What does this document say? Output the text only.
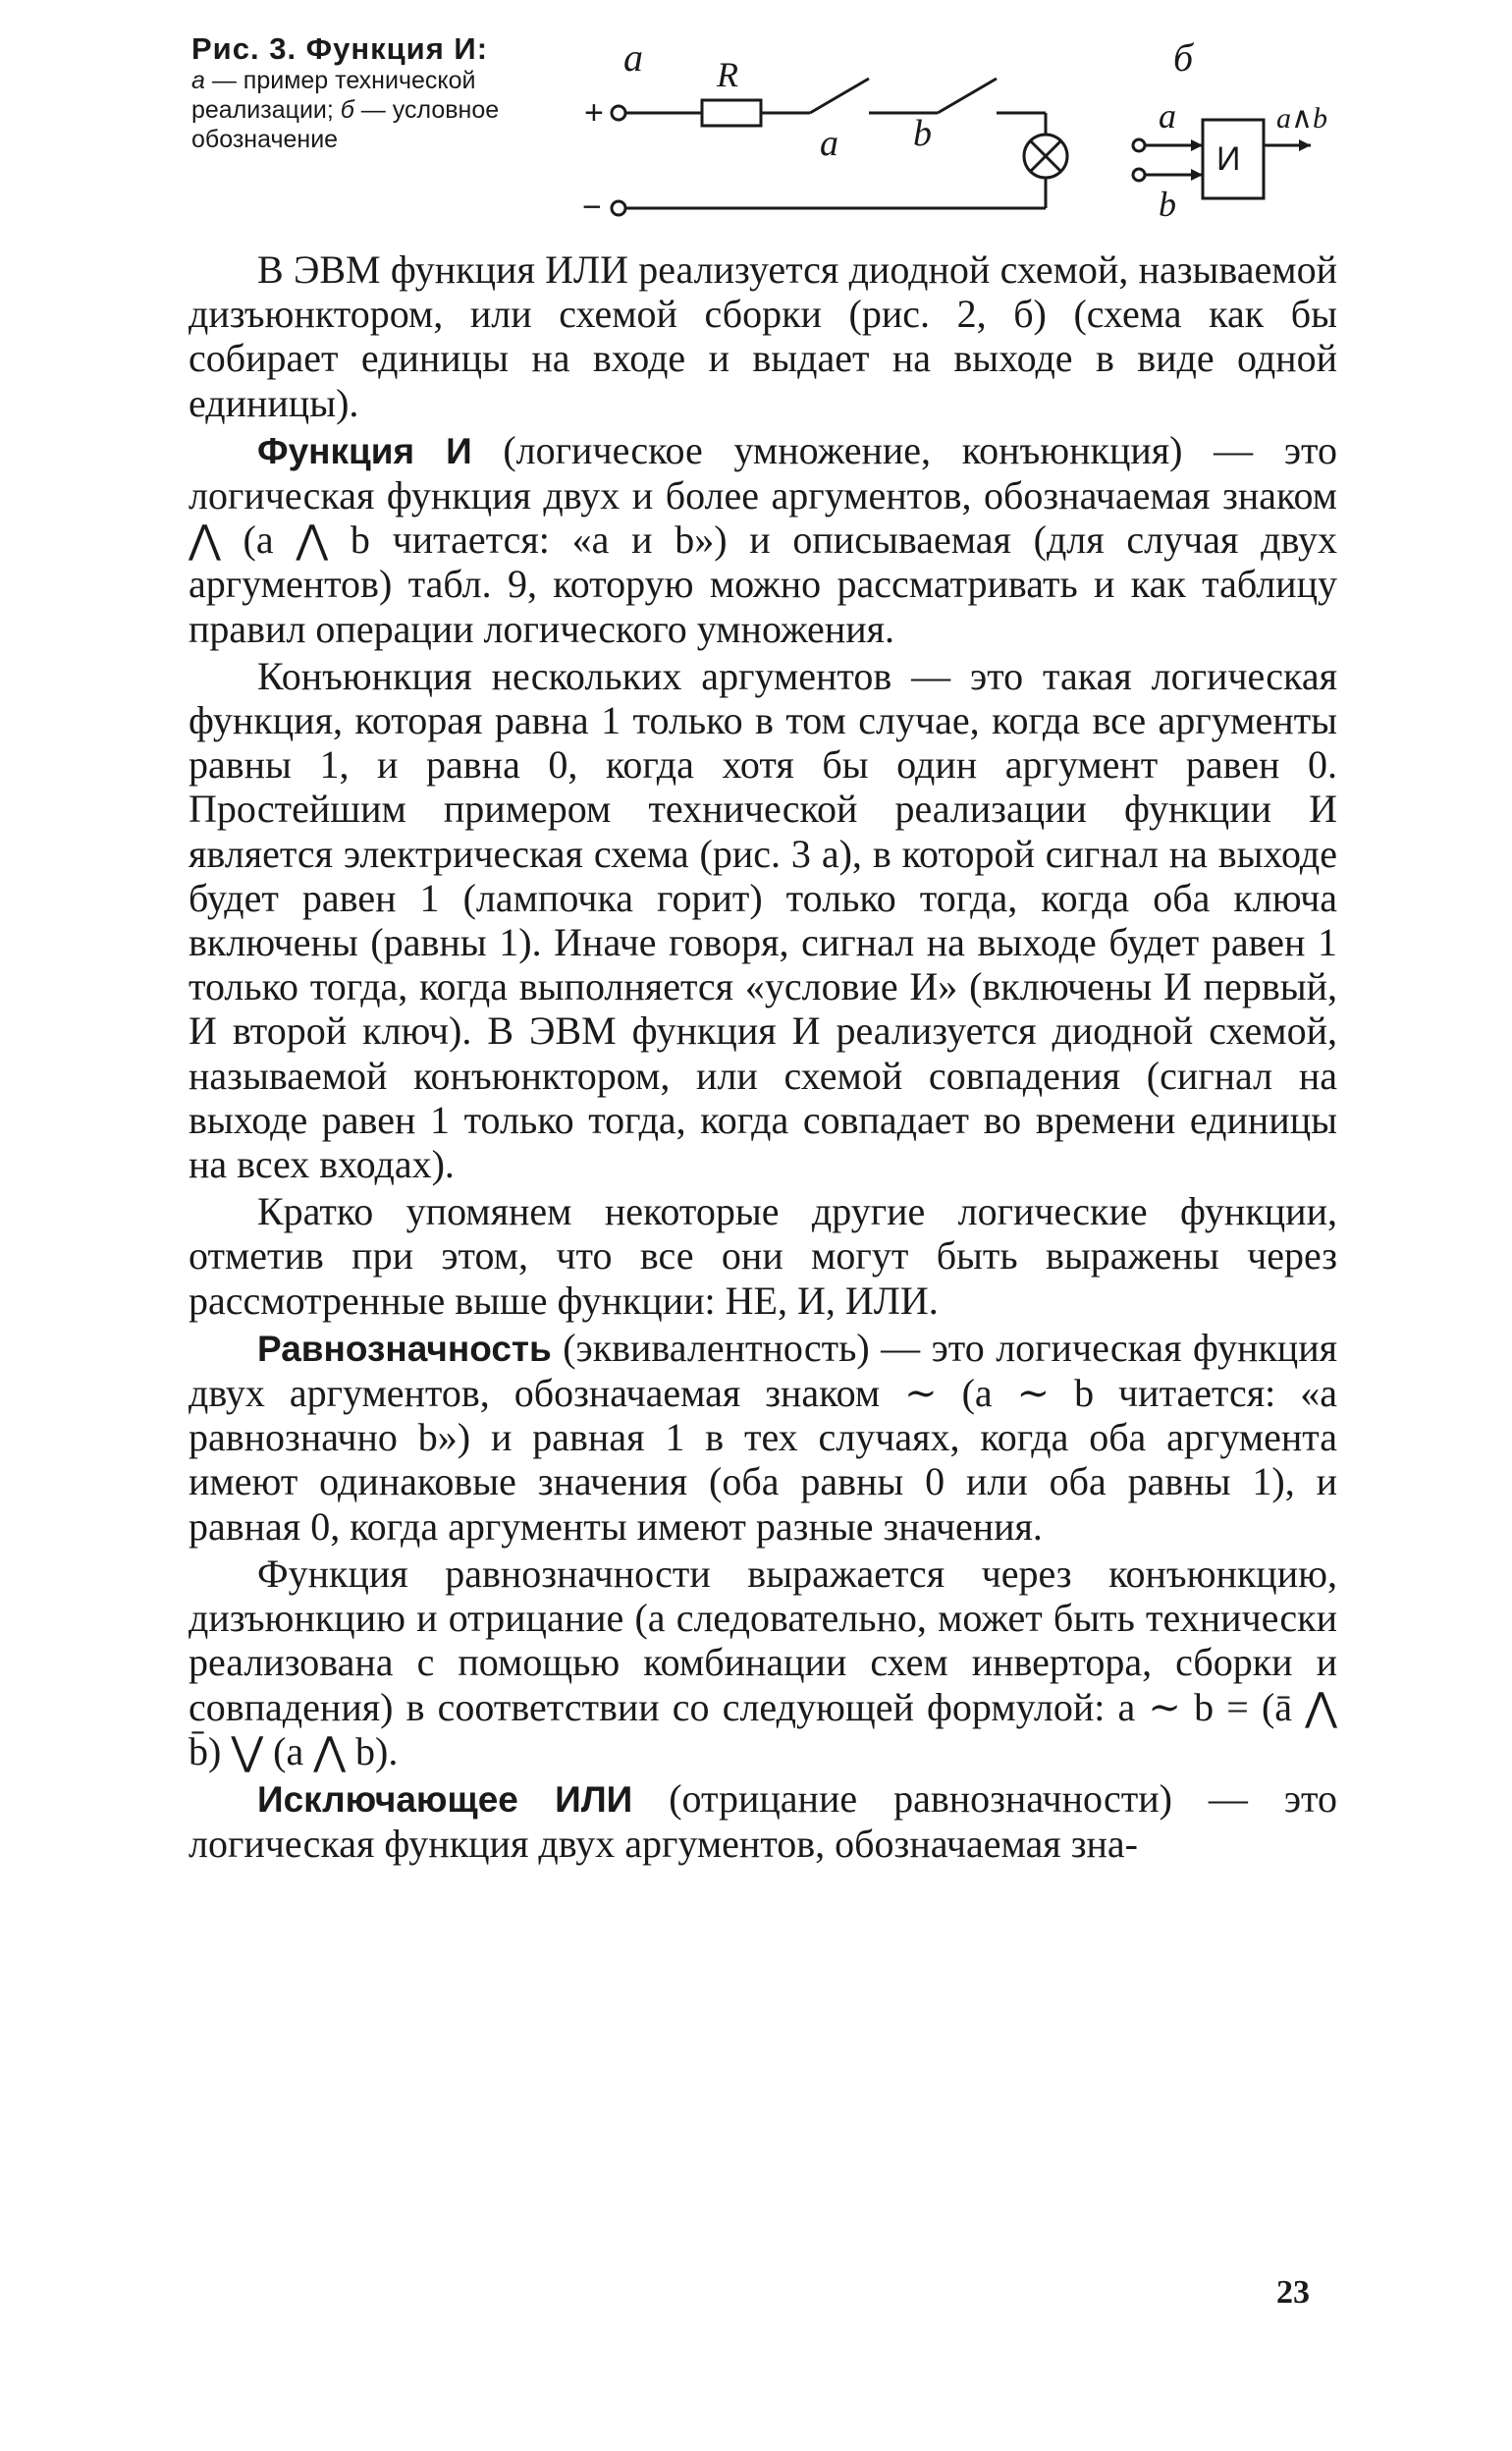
Рис. 3. Функция И:
а — пример технической реализации; б — условное обозначение
а	б
+
R
а b
−
a
b
И
a∧b

В ЭВМ функция ИЛИ реализуется диодной схемой, называемой дизъюнктором, или схемой сборки (рис. 2, б) (схема как бы собирает единицы на входе и выдает на выходе в виде одной единицы).

Функция И (логическое умножение, конъюнкция) — это логическая функция двух и более аргументов, обозначаемая знаком ⋀ (a ⋀ b читается: «a и b») и описываемая (для случая двух аргументов) табл. 9, которую можно рассматривать и как таблицу правил операции логического умножения.

Конъюнкция нескольких аргументов — это такая логическая функция, которая равна 1 только в том случае, когда все аргументы равны 1, и равна 0, когда хотя бы один аргумент равен 0. Простейшим примером технической реализации функции И является электрическая схема (рис. 3 а), в которой сигнал на выходе будет равен 1 (лампочка горит) только тогда, когда оба ключа включены (равны 1). Иначе говоря, сигнал на выходе будет равен 1 только тогда, когда выполняется «условие И» (включены И первый, И второй ключ). В ЭВМ функция И реализуется диодной схемой, называемой конъюнктором, или схемой совпадения (сигнал на выходе равен 1 только тогда, когда совпадает во времени единицы на всех входах).

Кратко упомянем некоторые другие логические функции, отметив при этом, что все они могут быть выражены через рассмотренные выше функции: НЕ, И, ИЛИ.

Равнозначность (эквивалентность) — это логическая функция двух аргументов, обозначаемая знаком ∼ (a ∼ b читается: «a равнозначно b») и равная 1 в тех случаях, когда оба аргумента имеют одинаковые значения (оба равны 0 или оба равны 1), и равная 0, когда аргументы имеют разные значения.

Функция равнозначности выражается через конъюнкцию, дизъюнкцию и отрицание (а следовательно, может быть технически реализована с помощью комбинации схем инвертора, сборки и совпадения) в соответствии со следующей формулой: a ∼ b = (ā ⋀ b̄) ⋁ (a ⋀ b).

Исключающее ИЛИ (отрицание равнозначности) — это логическая функция двух аргументов, обозначаемая зна-

23
